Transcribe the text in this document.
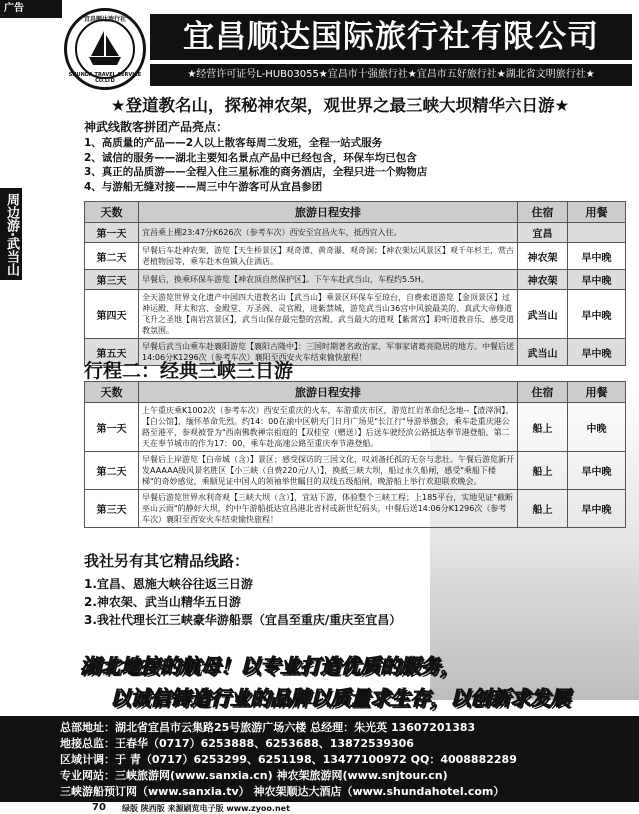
广告
宜昌顺达旅行社
SHUNDA TRAVEL SERVICE CO.LTD
宜昌顺达国际旅行社有限公司
★经营许可证号L-HUB03055★宜昌市十强旅行社★宜昌市五好旅行社★湖北省文明旅行社★
★登道教名山，探秘神农架，观世界之最三峡大坝精华六日游★
周边游·武当山
神武线散客拼团产品亮点：
1、高质量的产品——2人以上散客每周二发班，全程一站式服务
2、诚信的服务——湖北主要知名景点产品中已经包含，环保车均已包含
3、真正的品质游——全程入住三星标准的商务酒店，全程只进一个购物店
4、与游船无缝对接——周三中午游客可从宜昌参团
天数	旅游日程安排	住宿	用餐
第一天	宜昌乘上棚23:47分K626次（参考车次）西安至宜昌火车，抵西宜入住。	宜昌	
第二天	早餐后车赴神农架，游览【天生桥景区】观奇潭、黄奇瀑、观奇洞；【神农架坛风景区】观千年杉王，赏古老植物园等，乘车赴木鱼镇入住酒店。	神农架	早中晚
第三天	早餐后，换乘环保车游览【神农顶自然保护区】。下午车赴武当山，车程约5.5H。	神农架	早中晚
第四天	全天游览世界文化遗产中国四大道教名山【武当山】乘景区环保车至琼台，自费索道游览【金顶景区】过神运殿、拜太和宫、金殿堂、万圣阁、灵官殿，进紫禁城，游览武当山36宫中风貌最美的、真武大帝修道飞升之圣地【南岩宫景区】，武当山保存最完整的宫殿、武当最大的道观【紫霄宫】聆听道教音乐、感受道教氛围。	武当山	早中晚
第五天	早餐后武当山乘车赴襄阳游览【襄阳古隆中】：三国时期著名政治家、军事家诸葛亮隐居的地方。中餐后送14:06分K1296次（参考车次）襄阳至西安火车结束愉快旅程！	武当山	早中晚
行程二：经典三峡三日游
天数	旅游日程安排	住宿	用餐
第一天	上午重庆乘K1002次（参考车次）西安至重庆的火车，车游重庆市区，游览红岩革命纪念地--【渣滓洞】、【白公馆】，缅怀革命先烈。约14：00在渝中区朝天门日月广场见"长江行"导游举旗会，乘车赴重庆港公路至港平，参观被誉为"西南佛教禅宗祖庭的【双桂堂（赠送）】后送车驶经滨公路抵达奉节港登船，第二天在奉节城市的作为17：00，乘车赴高速公路至重庆奉节港登船。	船上	中晚
第二天	早餐后上岸游览【白帝城（含）】景区；感受探访的三国文化，叹刘备托孤的无奈与悲壮。午餐后游览新开发AAAAA级风景名胜区【小三峡（自费220元/人）】，换抵三峡大坝，船过永久船闸，感受"乘船下楼梯"的奇妙感觉，乘顺见证中国人的领袖举世瞩目的双线五级船闸，晚游船上举行欢迎联欢晚会。	船上	早中晚
第三天	早餐后游览世界水利奇观【三峡大坝（含）】，宜站下游，体验整个三峡工程；上185平台，实地见证"截断巫山云雨"的静好大坝，约中午游船抵达宜昌港北省村或新世纪码头，中餐后送14:06分K1296次（参考车次）襄阳至西安火车结束愉快旅程！	船上	早中晚
我社另有其它精品线路：
1.宜昌、恩施大峡谷往返三日游
2.神农架、武当山精华五日游
3.我社代理长江三峡豪华游船票（宜昌至重庆/重庆至宜昌）
湖北地接的航母！以专业打造优质的服务，
以诚信铸造行业的品牌以质量求生存，以创新求发展
总部地址：湖北省宜昌市云集路25号旅游广场六楼 总经理：朱光英 13607201383
地接总监：王春华（0717）6253888、6253688、13872539306
区域计调：于 青（0717）6253299、6251198、13477100972 QQ：4008882289
专业网站：三峡旅游网(www.sanxia.cn) 神农架旅游网(www.snjtour.cn)
三峡游船预订网（www.sanxia.tv） 神农架顺达大酒店（www.shundahotel.com）
70 绿版 陕西版 来源刷览电子版 www.zyoo.net
